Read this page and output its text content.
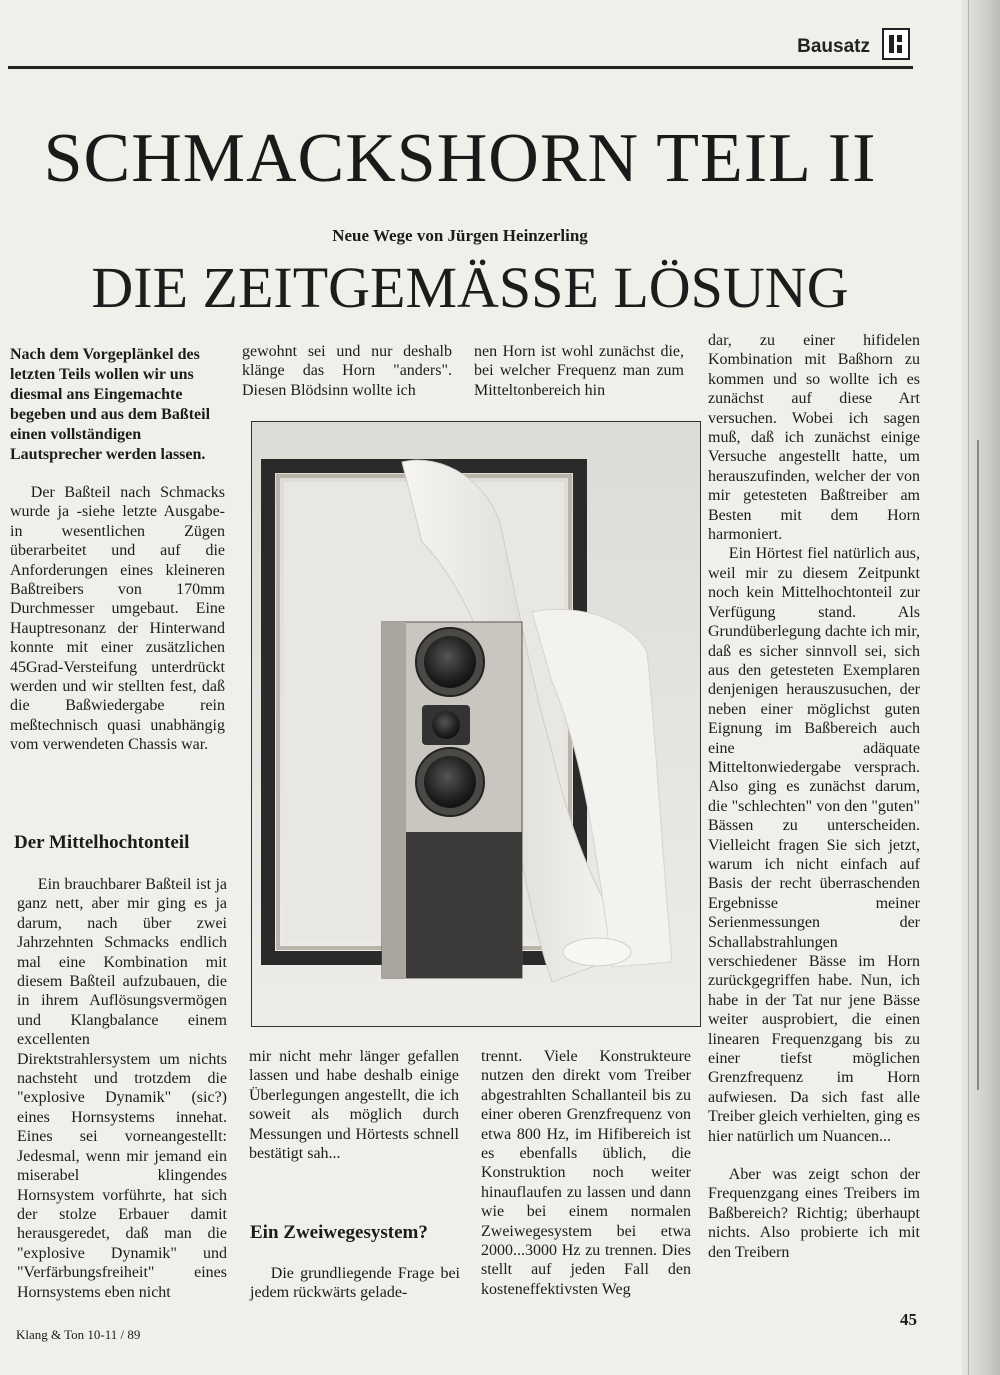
Bausatz
SCHMACKSHORN TEIL II
Neue Wege von Jürgen Heinzerling
DIE ZEITGEMÄSSE LÖSUNG

Nach dem Vorgeplänkel des letzten Teils wollen wir uns diesmal ans Eingemachte begeben und aus dem Baßteil einen vollständigen Lautsprecher werden lassen.

Der Baßteil nach Schmacks wurde ja -siehe letzte Ausgabe- in wesentlichen Zügen überarbeitet und auf die Anforderungen eines kleineren Baßtreibers von 170mm Durchmesser umgebaut. Eine Hauptresonanz der Hinterwand konnte mit einer zusätzlichen 45Grad-Versteifung unterdrückt werden und wir stellten fest, daß die Baßwiedergabe rein meßtechnisch quasi unabhängig vom verwendeten Chassis war.

Der Mittelhochtonteil

Ein brauchbarer Baßteil ist ja ganz nett, aber mir ging es ja darum, nach über zwei Jahrzehnten Schmacks endlich mal eine Kombination mit diesem Baßteil aufzubauen, die in ihrem Auflösungsvermögen und Klangbalance einem excellenten Direktstrahlersystem um nichts nachsteht und trotzdem die "explosive Dynamik" (sic?) eines Hornsystems innehat. Eines sei vorneangestellt: Jedesmal, wenn mir jemand ein miserabel klingendes Hornsystem vorführte, hat sich der stolze Erbauer damit herausgeredet, daß man die "explosive Dynamik" und "Verfärbungsfreiheit" eines Hornsystems eben nicht

gewohnt sei und nur deshalb klänge das Horn "anders". Diesen Blödsinn wollte ich

nen Horn ist wohl zunächst die, bei welcher Frequenz man zum Mitteltonbereich hin

mir nicht mehr länger gefallen lassen und habe deshalb einige Überlegungen angestellt, die ich soweit als möglich durch Messungen und Hörtests schnell bestätigt sah...

Ein Zweiwegesystem?

Die grundliegende Frage bei jedem rückwärts gelade-

trennt. Viele Konstrukteure nutzen den direkt vom Treiber abgestrahlten Schallanteil bis zu einer oberen Grenzfrequenz von etwa 800 Hz, im Hifibereich ist es ebenfalls üblich, die Konstruktion noch weiter hinauflaufen zu lassen und dann wie bei einem normalen Zweiwegesystem bei etwa 2000...3000 Hz zu trennen. Dies stellt auf jeden Fall den kosteneffektivsten Weg

dar, zu einer hifidelen Kombination mit Baßhorn zu kommen und so wollte ich es zunächst auf diese Art versuchen. Wobei ich sagen muß, daß ich zunächst einige Versuche angestellt hatte, um herauszufinden, welcher der von mir getesteten Baßtreiber am Besten mit dem Horn harmoniert.

Ein Hörtest fiel natürlich aus, weil mir zu diesem Zeitpunkt noch kein Mittelhochtonteil zur Verfügung stand. Als Grundüberlegung dachte ich mir, daß es sicher sinnvoll sei, sich aus den getesteten Exemplaren denjenigen herauszusuchen, der neben einer möglichst guten Eignung im Baßbereich auch eine adäquate Mitteltonwiedergabe versprach. Also ging es zunächst darum, die "schlechten" von den "guten" Bässen zu unterscheiden. Vielleicht fragen Sie sich jetzt, warum ich nicht einfach auf Basis der recht überraschenden Ergebnisse meiner Serienmessungen der Schallabstrahlungen verschiedener Bässe im Horn zurückgegriffen habe. Nun, ich habe in der Tat nur jene Bässe weiter ausprobiert, die einen linearen Frequenzgang bis zu einer tiefst möglichen Grenzfrequenz im Horn aufwiesen. Da sich fast alle Treiber gleich verhielten, ging es hier natürlich um Nuancen...

Aber was zeigt schon der Frequenzgang eines Treibers im Baßbereich? Richtig; überhaupt nichts. Also probierte ich mit den Treibern

Klang & Ton 10-11 / 89
45
